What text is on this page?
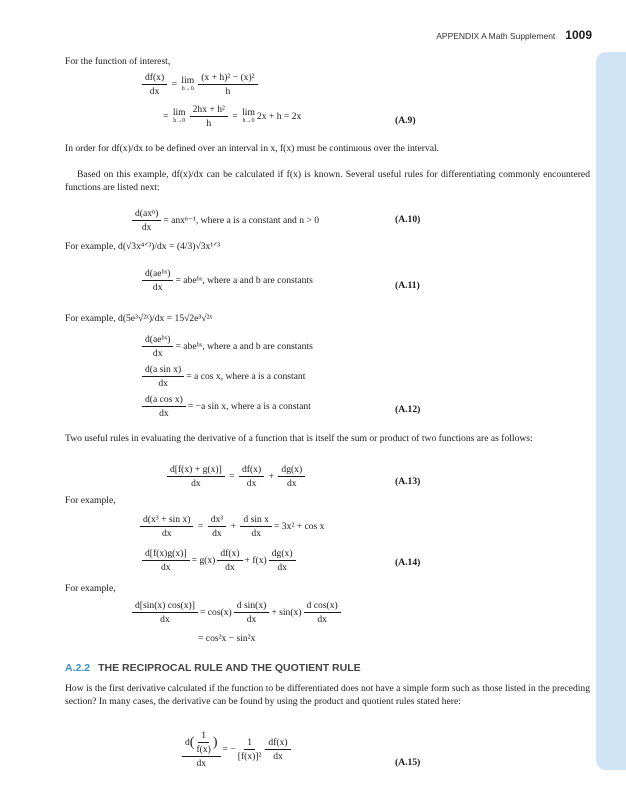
APPENDIX A Math Supplement 1009
For the function of interest,
$\frac{df(x)}{dx} = \lim$
$h\to 0 \frac{\text{(x + h)² − (x)²}}{h}$
= lim
$h\to 0 \frac{\text{2hx + h²}}{h} = \lim$
h→0 2x + h = 2x	(A.9)
In order for df(x)/dx to be defined over an interval in x, f(x) must be continuous over the interval.
Based on this example, df(x)/dx can be calculated if f(x) is known. Several useful rules for differentiating commonly encountered functions are listed next:
$\frac{\text{d(axⁿ)}}{dx} = anx^{n-1}$, where a is a constant and n > 0	(A.10)
For example, d(√3x⁴ᐟ³)/dx = (4/3)√3x¹ᐟ³
$\frac{\text{d(aeᵇˣ)}}{dx}$ = abeᵇˣ, where a and b are constants	(A.11)
For example, d(5e³√²ˣ)/dx = 15√2e³√²ˣ
$\frac{\text{d(aeᵇˣ)}}{dx}$ = abeᵇˣ, where a and b are constants
$\frac{\text{d(a sin x)}}{dx} = a$ cos x, where a is a constant
$\frac{\text{d(a cos x)}}{dx} = -a$ sin x, where a is a constant	(A.12)
Two useful rules in evaluating the derivative of a function that is itself the sum or product of two functions are as follows:
$\frac{d[f(x) + g(x)]}{dx} = \frac{df(x)}{dx} + \frac{dg(x)}{dx}$	(A.13)
For example,
$\frac{\text{d(x³ + sin x)}}{dx} = \frac{\text{dx³}}{dx} + \frac{\text{d sin x}}{dx} = 3x^2 + \cos x$
$\frac{d[f(x)g(x)]}{dx} = g(x) \frac{df(x)}{dx} + f(x) \frac{dg(x)}{dx}$	(A.14)
For example,
$\frac{d[\sin(x) \cos(x)]}{dx} = \cos(x) \frac{\text{d sin(x)}}{dx} + \sin(x) \frac{\text{d cos(x)}}{dx}$
= cos²x − sin²x
A.2.2 THE RECIPROCAL RULE AND THE QUOTIENT RULE
How is the first derivative calculated if the function to be differentiated does not have a simple form such as those listed in the preceding section? In many cases, the derivative can be found by using the product and quotient rules stated here:
$\frac{d ( \frac{1}{f(x)} )}{dx}$ = − $\frac{1}{\text{[f(x)]²}} \frac{df(x)}{dx}$
(A.15)
